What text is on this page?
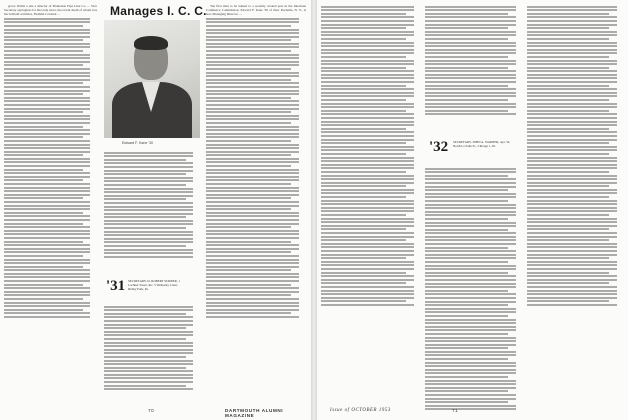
grove Wallis a site a director of Plantation Pipe Line Co. ... Vice Secretary apologizes for his tardy news, the recent death of whom was his Sabbath activities, Flemish Colonial ...	Manages I. C. C.
Edward F. Kane '30
'31 SECRETARY, D. ROBERT SURBER, 1 Lochner Street, Inc. 5 Wellesley Court, Ridley Park, Pa.

The first man to be named to a recently created post in the Interstate Commerce Commission, Edward F. Kane '30 of New Rochelle, N. Y., is now Managing Director. ...

70	DARTMOUTH ALUMNI MAGAZINE
'32 SECRETARY, JOHN A. WARNER, Apt. 52, North La Salle St., Chicago 1, Ill.
Issue of OCTOBER 1953	71
